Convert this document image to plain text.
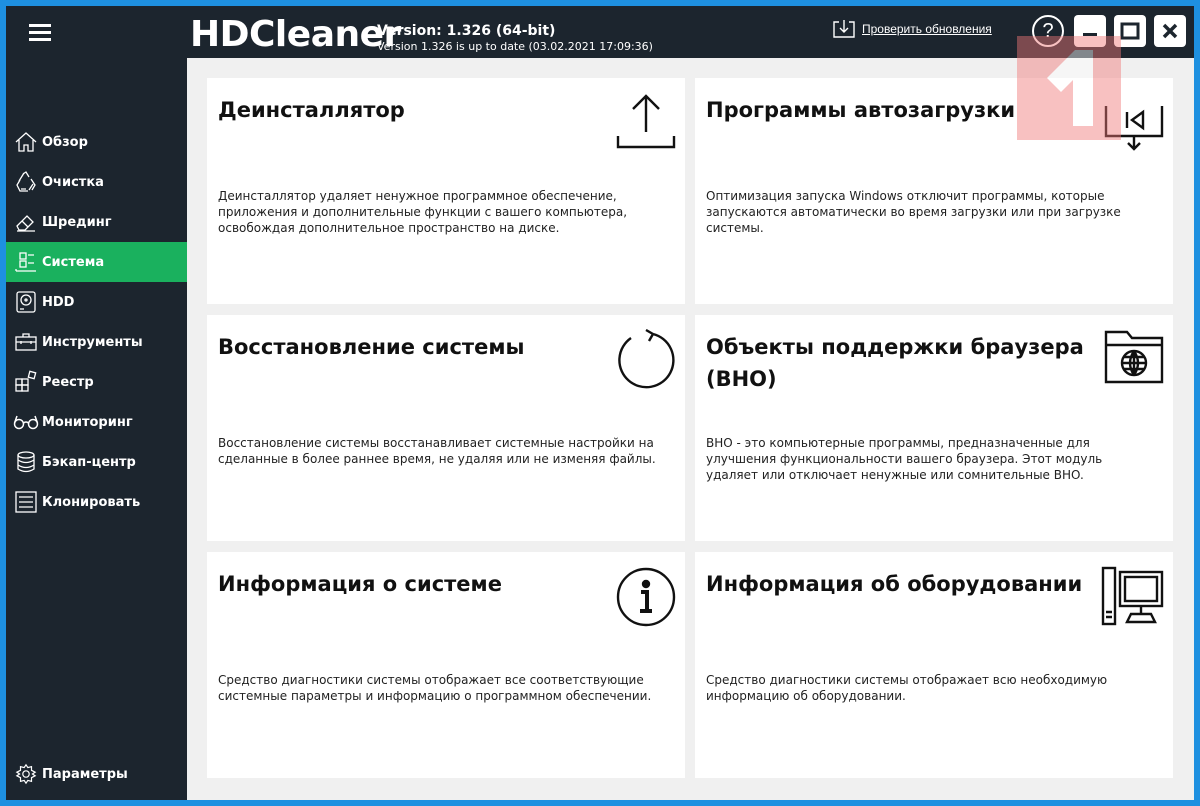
HDCleaner
Version: 1.326 (64-bit)
Version 1.326 is up to date (03.02.2021 17:09:36)
Проверить обновления	?
Обзор
Очистка
Шрединг
Система
HDD
Инструменты
Реестр
Мониторинг
Бэкап-центр
Клонировать
Параметры
Деинсталлятор
Деинсталлятор удаляет ненужное программное обеспечение, приложения и дополнительные функции с вашего компьютера, освобождая дополнительное пространство на диске.
Программы автозагрузки
Оптимизация запуска Windows отключит программы, которые запускаются автоматически во время загрузки или при загрузке системы.
Восстановление системы
Восстановление системы восстанавливает системные настройки на сделанные в более раннее время, не удаляя или не изменяя файлы.
Объекты поддержки браузера (BHO)
BHO - это компьютерные программы, предназначенные для улучшения функциональности вашего браузера. Этот модуль удаляет или отключает ненужные или сомнительные BHO.
Информация о системе
Средство диагностики системы отображает все соответствующие системные параметры и информацию о программном обеспечении.
Информация об оборудовании
Средство диагностики системы отображает всю необходимую информацию об оборудовании.
